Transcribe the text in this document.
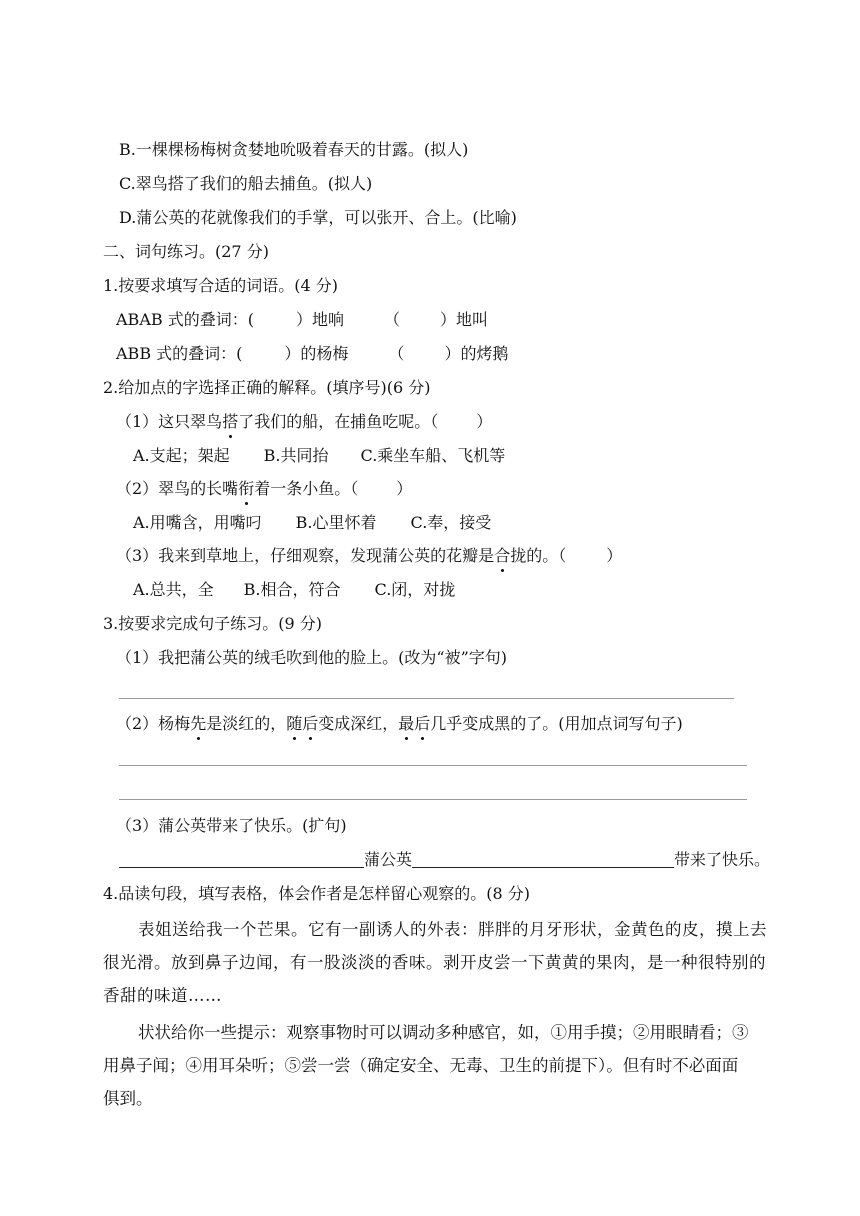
B.一棵棵杨梅树贪婪地吮吸着春天的甘露。(拟人)
C.翠鸟搭了我们的船去捕鱼。(拟人)
D.蒲公英的花就像我们的手掌，可以张开、合上。(比喻)
二、词句练习。(27 分)
1.按要求填写合适的词语。(4 分)
ABAB 式的叠词：(	）地响	（	）地叫
ABB 式的叠词：(	）的杨梅	（	）的烤鹅
2.给加点的字选择正确的解释。(填序号)(6 分)
（1）这只翠鸟搭了我们的船，在捕鱼吃呢。（ ）
A.支起；架起 B.共同抬 C.乘坐车船、飞机等
（2）翠鸟的长嘴衔着一条小鱼。（ ）
A.用嘴含，用嘴叼 B.心里怀着 C.奉，接受
（3）我来到草地上，仔细观察，发现蒲公英的花瓣是合拢的。（	）
A.总共，全 B.相合，符合 C.闭，对拢
3.按要求完成句子练习。(9 分)
（1）我把蒲公英的绒毛吹到他的脸上。(改为“被”字句)
（2）杨梅先是淡红的，随后变成深红，最后几乎变成黑的了。(用加点词写句子)
（3）蒲公英带来了快乐。(扩句)
蒲公英	带来了快乐。
4.品读句段，填写表格，体会作者是怎样留心观察的。(8 分)
表姐送给我一个芒果。它有一副诱人的外表：胖胖的月牙形状，金黄色的皮，摸上去
很光滑。放到鼻子边闻，有一股淡淡的香味。剥开皮尝一下黄黄的果肉，是一种很特别的
香甜的味道……
状状给你一些提示：观察事物时可以调动多种感官，如，①用手摸；②用眼睛看；③
用鼻子闻；④用耳朵听；⑤尝一尝（确定安全、无毒、卫生的前提下）。但有时不必面面
俱到。
